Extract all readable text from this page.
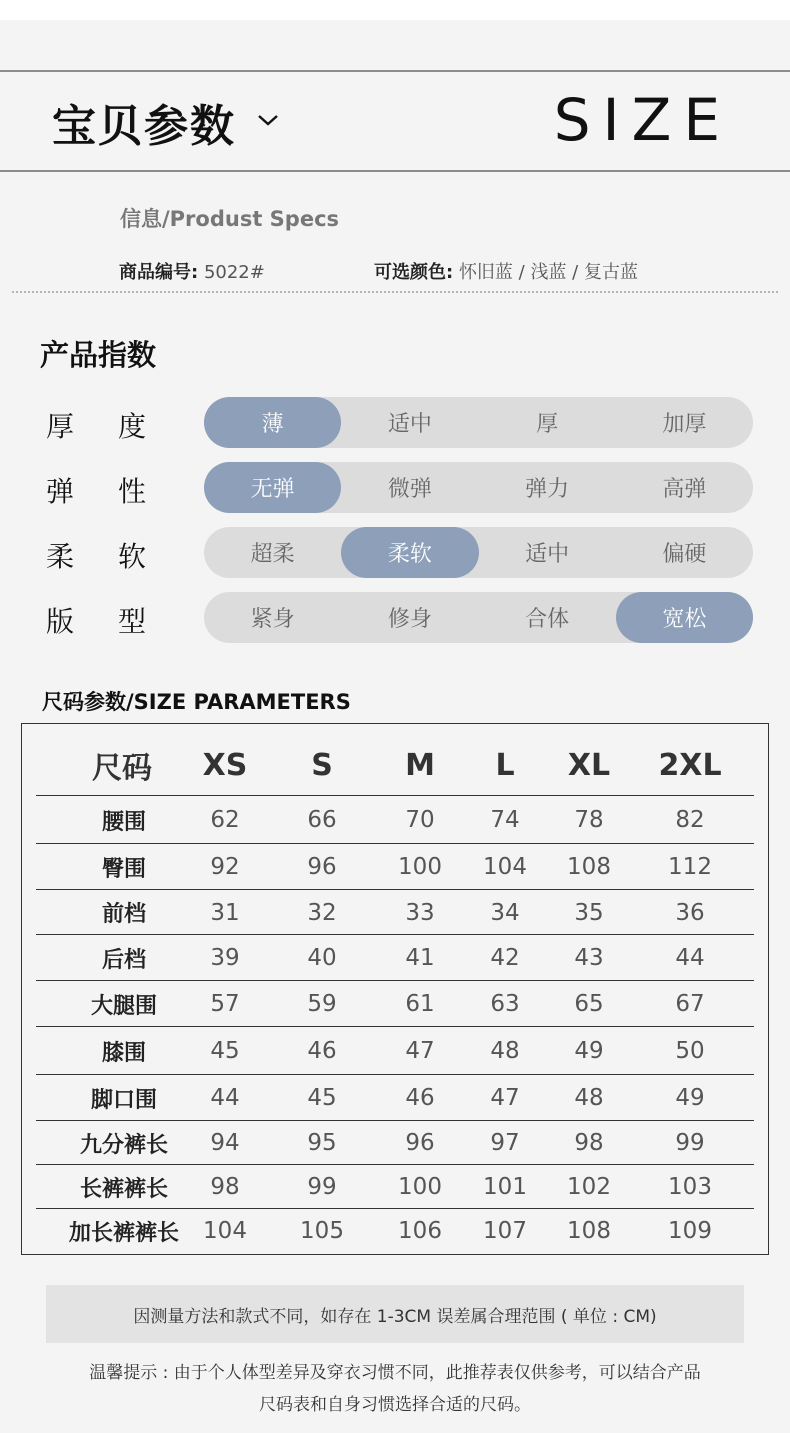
宝贝参数	SIZE
信息/Produst Specs
商品编号: 5022#	可选颜色: 怀旧蓝 / 浅蓝 / 复古蓝
产品指数
厚 度	薄	适中	厚	加厚
弹 性	无弹	微弹	弹力	高弹
柔 软	超柔	柔软	适中	偏硬
版 型	紧身	修身	合体	宽松
尺码参数/SIZE PARAMETERS
尺码	XS	S	M	L	XL	2XL
腰围	62	66	70	74	78	82
臀围	92	96	100	104	108	112
前档	31	32	33	34	35	36
后档	39	40	41	42	43	44
大腿围	57	59	61	63	65	67
膝围	45	46	47	48	49	50
脚口围	44	45	46	47	48	49
九分裤长	94	95	96	97	98	99
长裤裤长	98	99	100	101	102	103
加长裤裤长	104	105	106	107	108	109
因测量方法和款式不同，如存在 1-3CM 误差属合理范围 ( 单位 : CM)
温馨提示 : 由于个人体型差异及穿衣习惯不同，此推荐表仅供参考，可以结合产品
尺码表和自身习惯选择合适的尺码。
